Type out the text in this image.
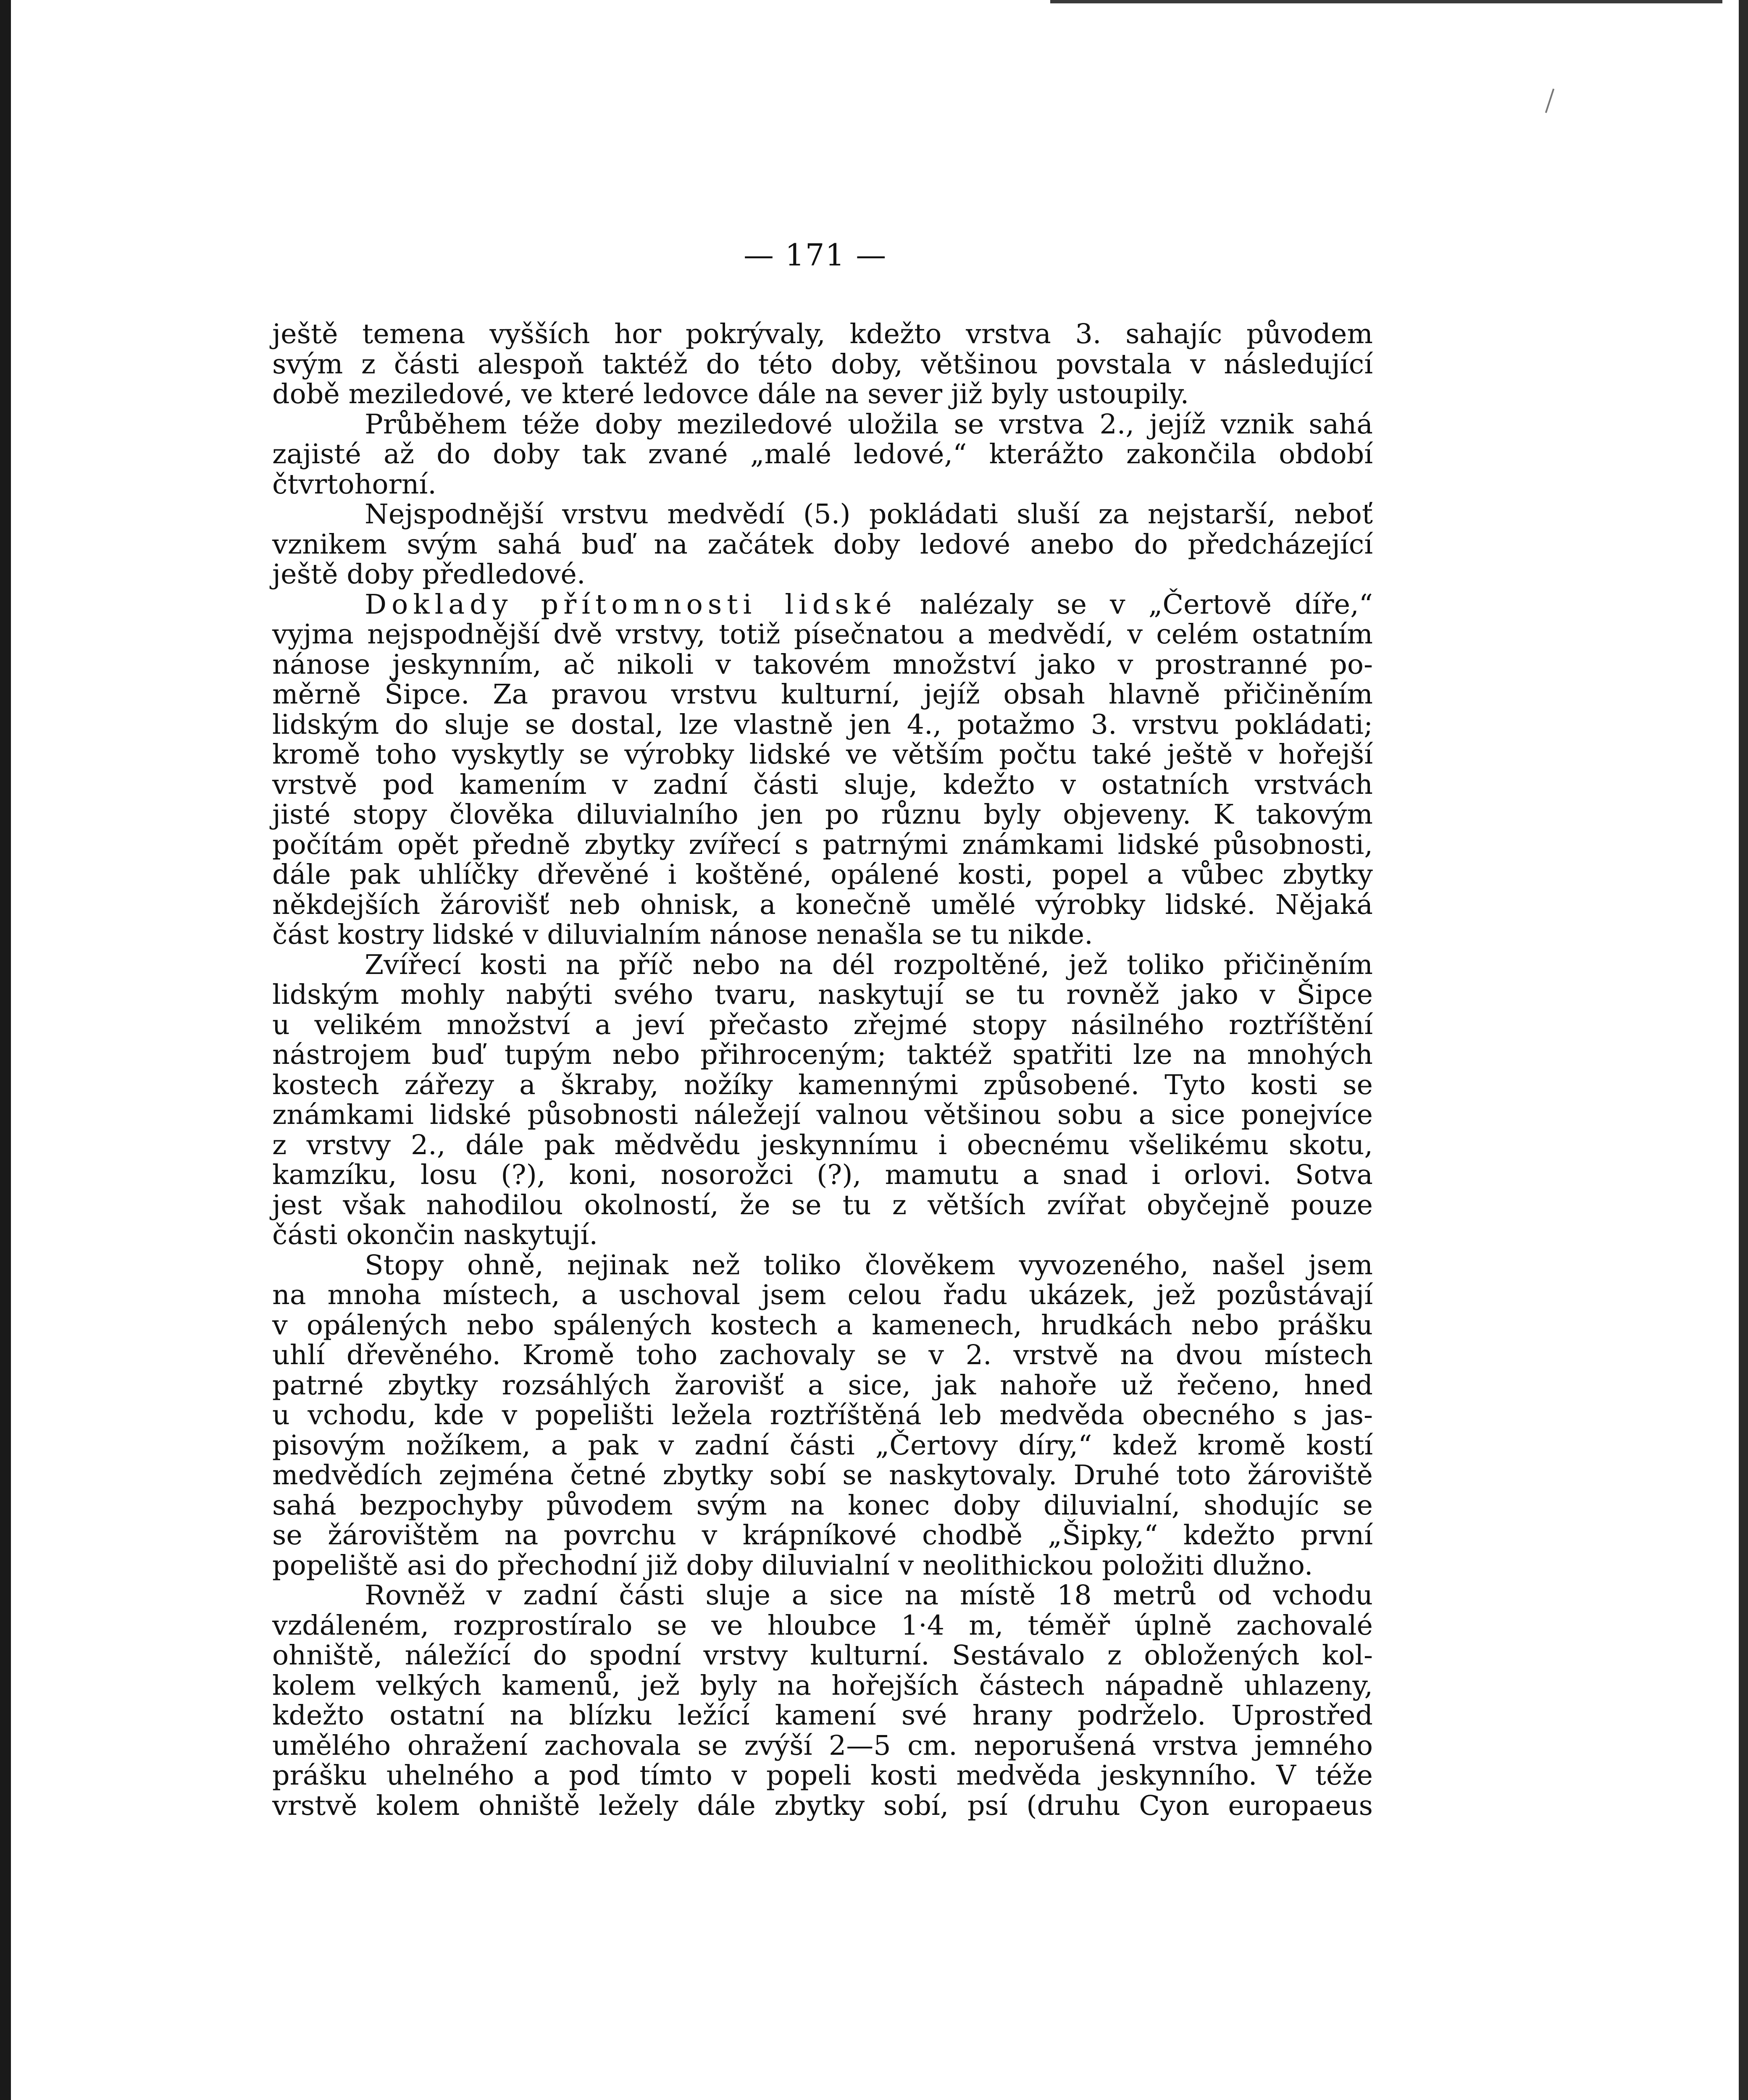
— 171 —
ještě temena vyšších hor pokrývaly, kdežto vrstva 3. sahajíc původem
svým z části alespoň taktéž do této doby, většinou povstala v následující
době meziledové, ve které ledovce dále na sever již byly ustoupily.
Průběhem téže doby meziledové uložila se vrstva 2., jejíž vznik sahá
zajisté až do doby tak zvané „malé ledové,“ kterážto zakončila období
čtvrtohorní.
Nejspodnější vrstvu medvědí (5.) pokládati sluší za nejstarší, neboť
vznikem svým sahá buď na začátek doby ledové anebo do předcházející
ještě doby předledové.
Doklady přítomnosti lidské nalézaly se v „Čertově díře,“
vyjma nejspodnější dvě vrstvy, totiž písečnatou a medvědí, v celém ostatním
nánose jeskynním, ač nikoli v takovém množství jako v prostranné po-
měrně Šipce. Za pravou vrstvu kulturní, jejíž obsah hlavně přičiněním
lidským do sluje se dostal, lze vlastně jen 4., potažmo 3. vrstvu pokládati;
kromě toho vyskytly se výrobky lidské ve větším počtu také ještě v hořejší
vrstvě pod kamením v zadní části sluje, kdežto v ostatních vrstvách
jisté stopy člověka diluvialního jen po různu byly objeveny. K takovým
počítám opět předně zbytky zvířecí s patrnými známkami lidské působnosti,
dále pak uhlíčky dřevěné i koštěné, opálené kosti, popel a vůbec zbytky
někdejších žárovišť neb ohnisk, a konečně umělé výrobky lidské. Nějaká
část kostry lidské v diluvialním nánose nenašla se tu nikde.
Zvířecí kosti na příč nebo na dél rozpoltěné, jež toliko přičiněním
lidským mohly nabýti svého tvaru, naskytují se tu rovněž jako v Šipce
u velikém množství a jeví přečasto zřejmé stopy násilného roztříštění
nástrojem buď tupým nebo přihroceným; taktéž spatřiti lze na mnohých
kostech zářezy a škraby, nožíky kamennými způsobené. Tyto kosti se
známkami lidské působnosti náležejí valnou většinou sobu a sice ponejvíce
z vrstvy 2., dále pak mědvědu jeskynnímu i obecnému všelikému skotu,
kamzíku, losu (?), koni, nosorožci (?), mamutu a snad i orlovi. Sotva
jest však nahodilou okolností, že se tu z větších zvířat obyčejně pouze
části okončin naskytují.
Stopy ohně, nejinak než toliko člověkem vyvozeného, našel jsem
na mnoha místech, a uschoval jsem celou řadu ukázek, jež pozůstávají
v opálených nebo spálených kostech a kamenech, hrudkách nebo prášku
uhlí dřevěného. Kromě toho zachovaly se v 2. vrstvě na dvou místech
patrné zbytky rozsáhlých žarovišť a sice, jak nahoře už řečeno, hned
u vchodu, kde v popelišti ležela roztříštěná leb medvěda obecného s jas-
pisovým nožíkem, a pak v zadní části „Čertovy díry,“ kdež kromě kostí
medvědích zejména četné zbytky sobí se naskytovaly. Druhé toto žároviště
sahá bezpochyby původem svým na konec doby diluvialní, shodujíc se
se žárovištěm na povrchu v krápníkové chodbě „Šipky,“ kdežto první
popeliště asi do přechodní již doby diluvialní v neolithickou položiti dlužno.
Rovněž v zadní části sluje a sice na místě 18 metrů od vchodu
vzdáleném, rozprostíralo se ve hloubce 1·4 m, téměř úplně zachovalé
ohniště, náležící do spodní vrstvy kulturní. Sestávalo z obložených kol-
kolem velkých kamenů, jež byly na hořejších částech nápadně uhlazeny,
kdežto ostatní na blízku ležící kamení své hrany podrželo. Uprostřed
umělého ohražení zachovala se zvýší 2—5 cm. neporušená vrstva jemného
prášku uhelného a pod tímto v popeli kosti medvěda jeskynního. V téže
vrstvě kolem ohniště ležely dále zbytky sobí, psí (druhu Cyon europaeus
